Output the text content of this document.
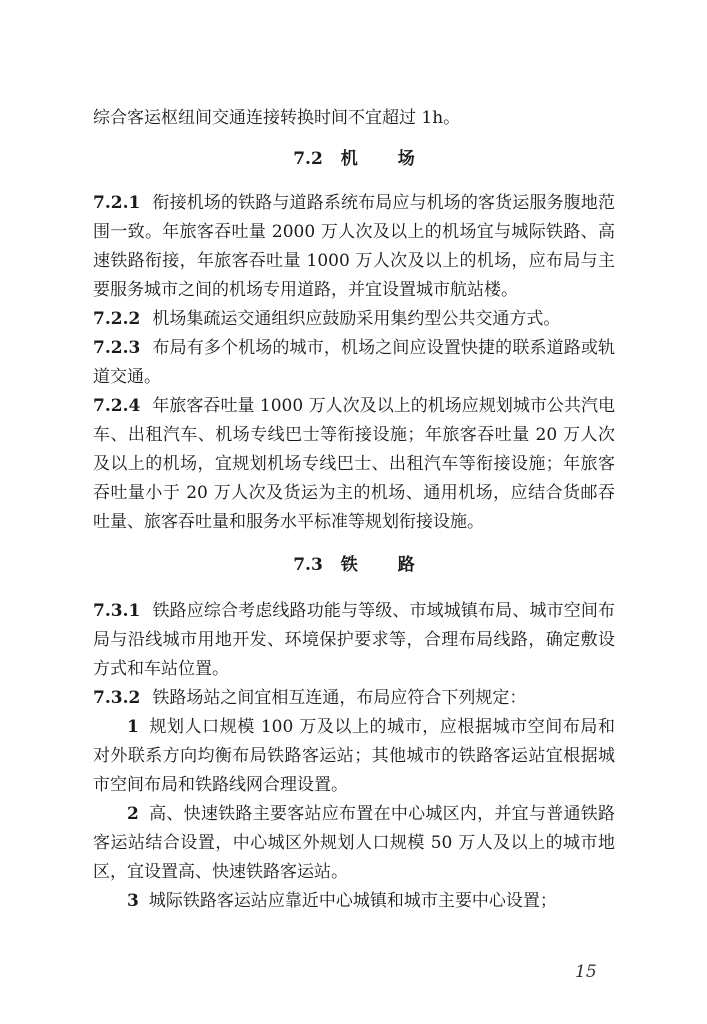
综合客运枢纽间交通连接转换时间不宜超过 1h。

7.2 机 场

7.2.1 衔接机场的铁路与道路系统布局应与机场的客货运服务腹地范围一致。年旅客吞吐量 2000 万人次及以上的机场宜与城际铁路、高速铁路衔接，年旅客吞吐量 1000 万人次及以上的机场，应布局与主要服务城市之间的机场专用道路，并宜设置城市航站楼。

7.2.2 机场集疏运交通组织应鼓励采用集约型公共交通方式。

7.2.3 布局有多个机场的城市，机场之间应设置快捷的联系道路或轨道交通。

7.2.4 年旅客吞吐量 1000 万人次及以上的机场应规划城市公共汽电车、出租汽车、机场专线巴士等衔接设施；年旅客吞吐量 20 万人次及以上的机场，宜规划机场专线巴士、出租汽车等衔接设施；年旅客吞吐量小于 20 万人次及货运为主的机场、通用机场，应结合货邮吞吐量、旅客吞吐量和服务水平标准等规划衔接设施。

7.3 铁 路

7.3.1 铁路应综合考虑线路功能与等级、市域城镇布局、城市空间布局与沿线城市用地开发、环境保护要求等，合理布局线路，确定敷设方式和车站位置。

7.3.2 铁路场站之间宜相互连通，布局应符合下列规定：

1 规划人口规模 100 万及以上的城市，应根据城市空间布局和对外联系方向均衡布局铁路客运站；其他城市的铁路客运站宜根据城市空间布局和铁路线网合理设置。

2 高、快速铁路主要客站应布置在中心城区内，并宜与普通铁路客运站结合设置，中心城区外规划人口规模 50 万人及以上的城市地区，宜设置高、快速铁路客运站。

3 城际铁路客运站应靠近中心城镇和城市主要中心设置；

15
